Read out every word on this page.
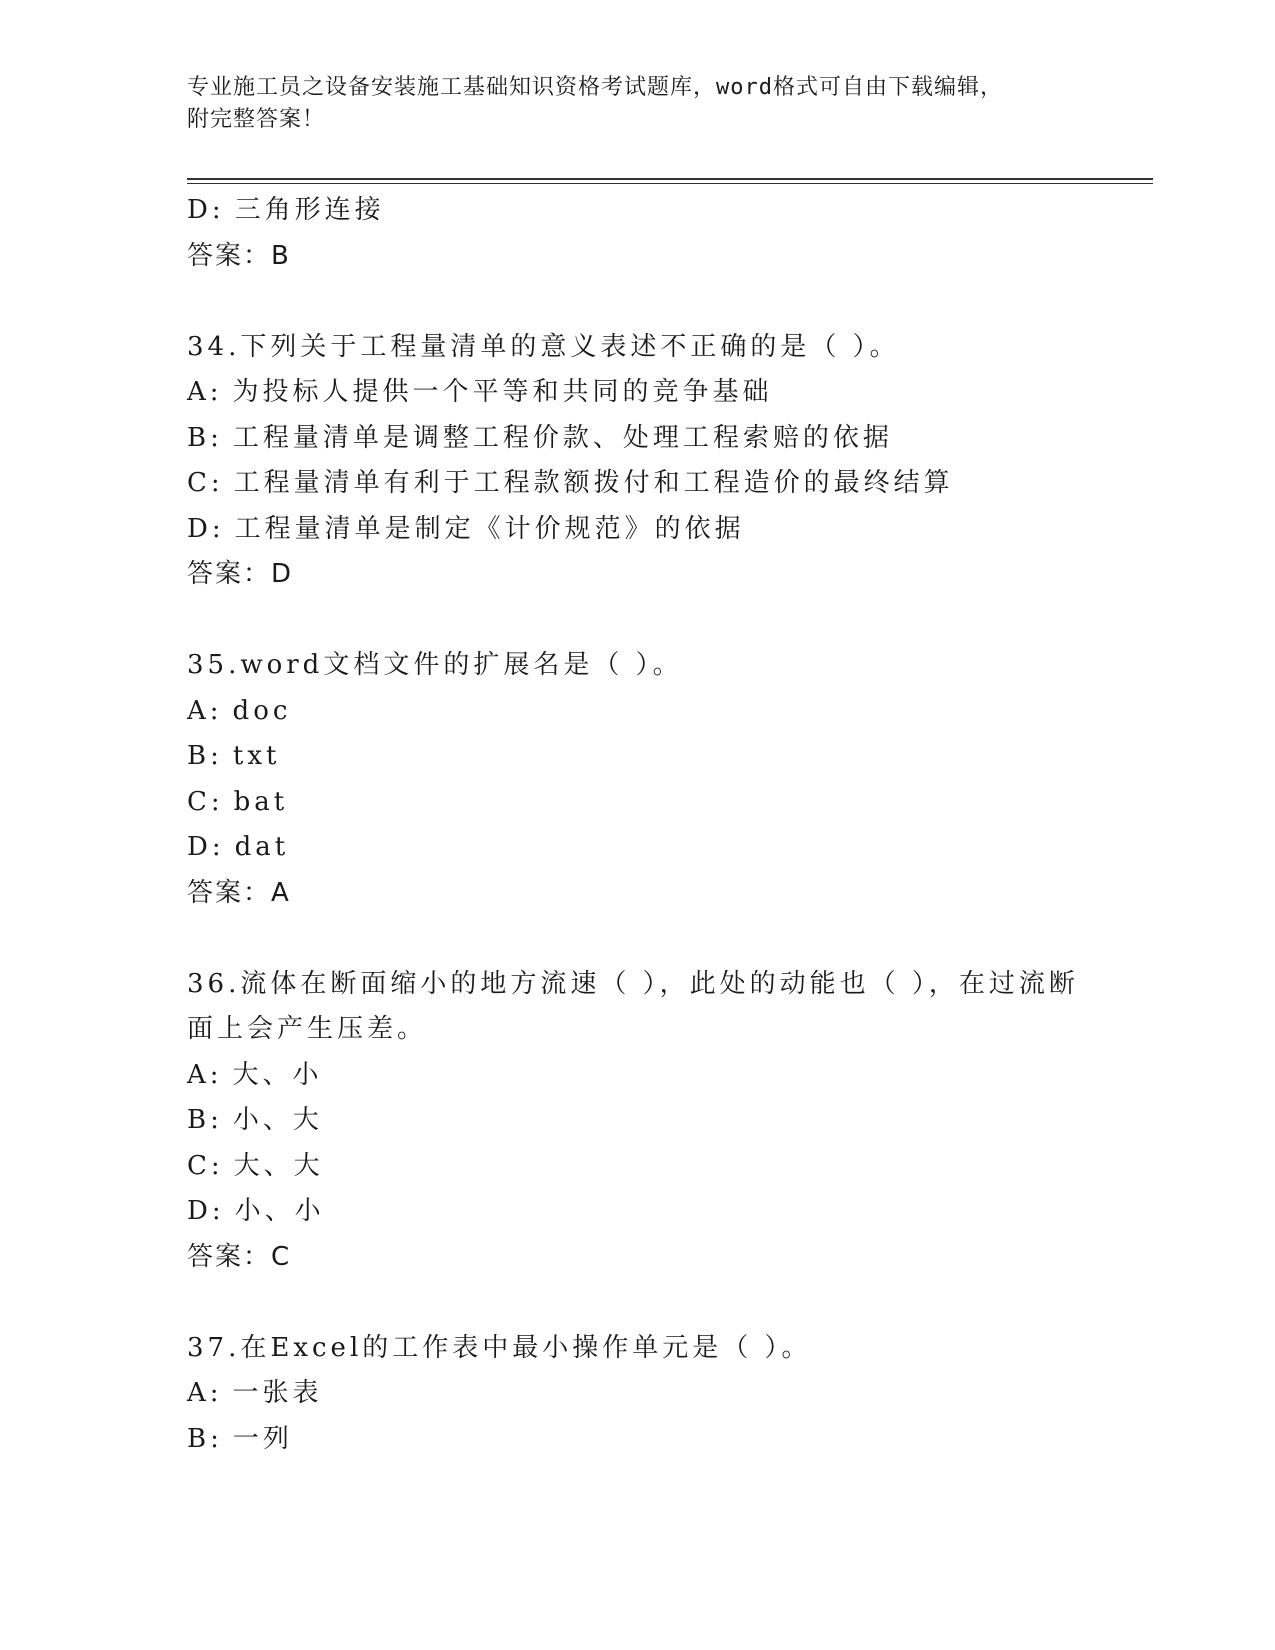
专业施工员之设备安装施工基础知识资格考试题库，word格式可自由下载编辑，
附完整答案！
D: 三角形连接
答案：B
34.下列关于工程量清单的意义表述不正确的是（ ）。
A: 为投标人提供一个平等和共同的竞争基础
B: 工程量清单是调整工程价款、处理工程索赔的依据
C: 工程量清单有利于工程款额拨付和工程造价的最终结算
D: 工程量清单是制定《计价规范》的依据
答案：D
35.word文档文件的扩展名是（ ）。
A: doc
B: txt
C: bat
D: dat
答案：A
36.流体在断面缩小的地方流速（ ），此处的动能也（ ），在过流断
面上会产生压差。
A: 大、小
B: 小、大
C: 大、大
D: 小、小
答案：C
37.在Excel的工作表中最小操作单元是（ ）。
A: 一张表
B: 一列
